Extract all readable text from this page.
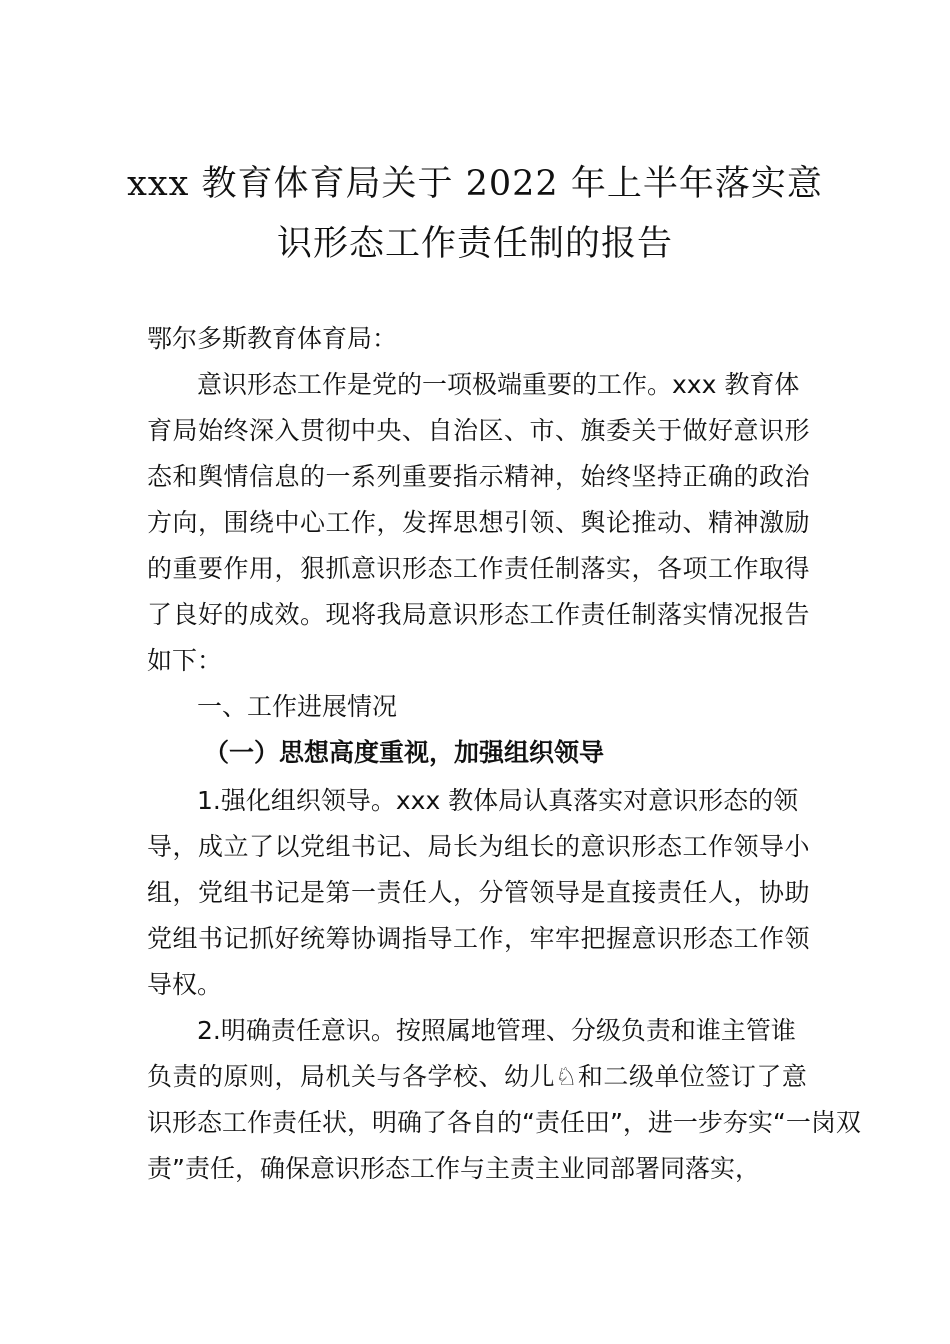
xxx 教育体育局关于 2022 年上半年落实意
识形态工作责任制的报告
鄂尔多斯教育体育局：
意识形态工作是党的一项极端重要的工作。xxx 教育体
育局始终深入贯彻中央、自治区、市、旗委关于做好意识形
态和舆情信息的一系列重要指示精神，始终坚持正确的政治
方向，围绕中心工作，发挥思想引领、舆论推动、精神激励
的重要作用，狠抓意识形态工作责任制落实，各项工作取得
了良好的成效。现将我局意识形态工作责任制落实情况报告
如下：
一、工作进展情况
（一）思想高度重视，加强组织领导
1.强化组织领导。xxx 教体局认真落实对意识形态的领
导，成立了以党组书记、局长为组长的意识形态工作领导小
组，党组书记是第一责任人，分管领导是直接责任人，协助
党组书记抓好统筹协调指导工作，牢牢把握意识形态工作领
导权。
2.明确责任意识。按照属地管理、分级负责和谁主管谁
负责的原则，局机关与各学校、幼儿♘和二级单位签订了意
识形态工作责任状，明确了各自的“责任田”，进一步夯实“一岗双
责”责任，确保意识形态工作与主责主业同部署同落实，
